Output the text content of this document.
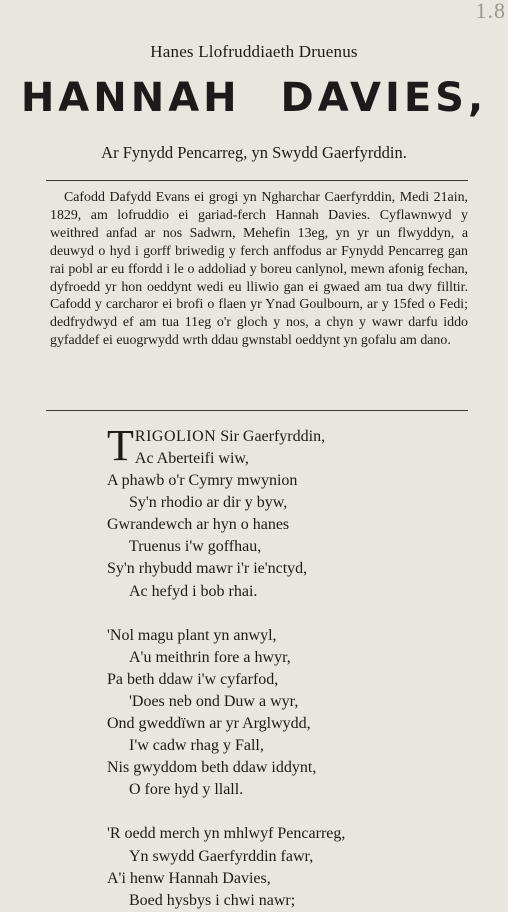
1.8
Hanes Llofruddiaeth Druenus
HANNAH DAVIES,
Ar Fynydd Pencarreg, yn Swydd Gaerfyrddin.

Cafodd Dafydd Evans ei grogi yn Ngharchar Caerfyrddin, Medi 21ain, 1829, am lofruddio ei gariad-ferch Hannah Davies. Cyflawnwyd y weithred anfad ar nos Sadwrn, Mehefin 13eg, yn yr un flwyddyn, a deuwyd o hyd i gorff briwedig y ferch anffodus ar Fynydd Pencarreg gan rai pobl ar eu ffordd i le o addoliad y boreu canlynol, mewn afonig fechan, dyfroedd yr hon oeddynt wedi eu lliwio gan ei gwaed am tua dwy filltir. Cafodd y carcharor ei brofi o flaen yr Ynad Goulbourn, ar y 15fed o Fedi; dedfrydwyd ef am tua 11eg o'r gloch y nos, a chyn y wawr darfu iddo gyfaddef ei euogrwydd wrth ddau gwnstabl oeddynt yn gofalu am dano.

TRIGOLION Sir Gaerfyrddin,
Ac Aberteifi wiw,
A phawb o'r Cymry mwynion
Sy'n rhodio ar dir y byw,
Gwrandewch ar hyn o hanes
Truenus i'w goffhau,
Sy'n rhybudd mawr i'r ie'nctyd,
Ac hefyd i bob rhai.
'Nol magu plant yn anwyl,
A'u meithrin fore a hwyr,
Pa beth ddaw i'w cyfarfod,
'Does neb ond Duw a wyr,
Ond gweddïwn ar yr Arglwydd,
I'w cadw rhag y Fall,
Nis gwyddom beth ddaw iddynt,
O fore hyd y llall.
'R oedd merch yn mhlwyf Pencarreg,
Yn swydd Gaerfyrddin fawr,
A'i henw Hannah Davies,
Boed hysbys i chwi nawr;
